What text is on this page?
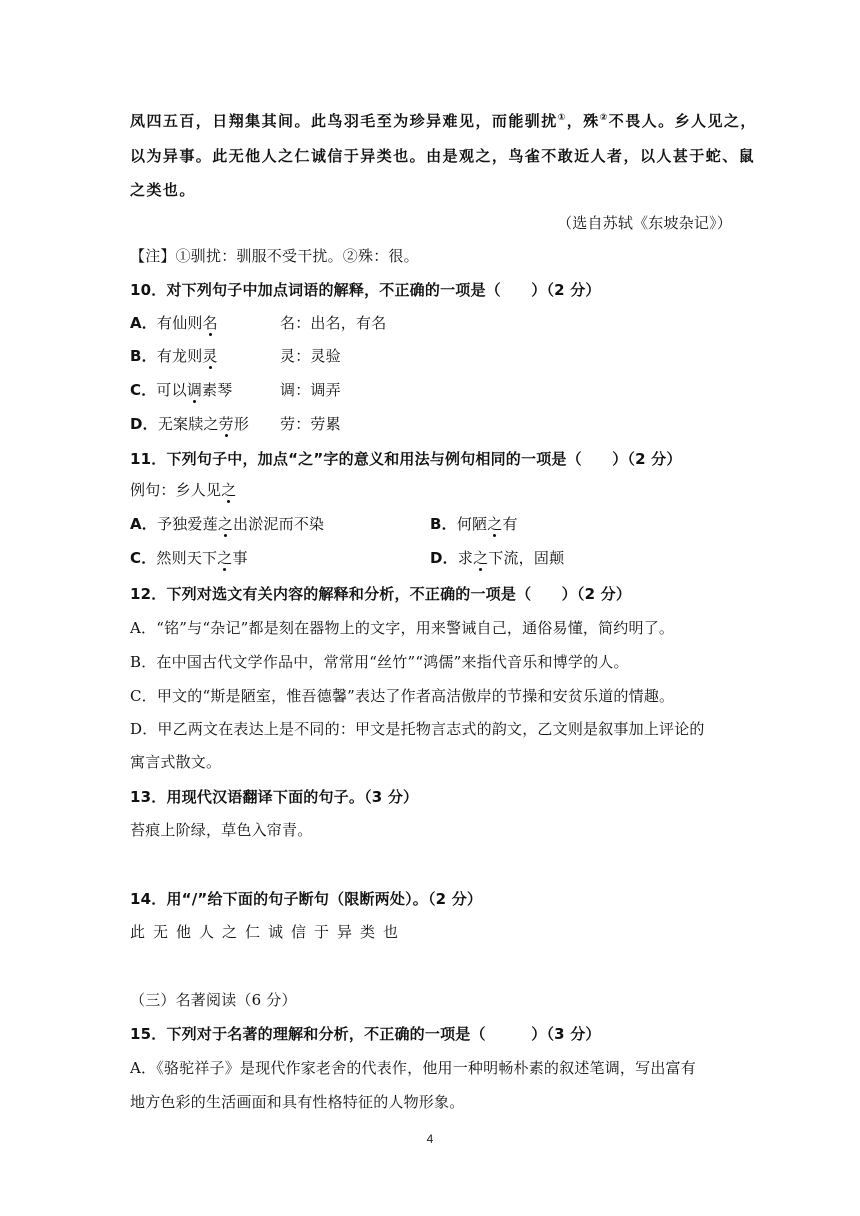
凤四五百，日翔集其间。此鸟羽毛至为珍异难见，而能驯扰①，殊②不畏人。乡人见之，
以为异事。此无他人之仁诚信于异类也。由是观之，鸟雀不敢近人者，以人甚于蛇、鼠
之类也。
（选自苏轼《东坡杂记》）
【注】①驯扰：驯服不受干扰。②殊：很。
10．对下列句子中加点词语的解释，不正确的一项是（　　）（2 分）
A．有仙则名	名：出名，有名
B．有龙则灵	灵：灵验
C．可以调素琴	调：调弄
D．无案牍之劳形 劳：劳累
11．下列句子中，加点“之”字的意义和用法与例句相同的一项是（　　）（2 分）
例句：乡人见之
A．予独爱莲之出淤泥而不染	B．何陋之有
C．然则天下之事	D．求之下流，固颠
12．下列对选文有关内容的解释和分析，不正确的一项是（　　）（2 分）
A．“铭”与“杂记”都是刻在器物上的文字，用来警诫自己，通俗易懂，简约明了。
B．在中国古代文学作品中，常常用“丝竹”“鸿儒”来指代音乐和博学的人。
C．甲文的“斯是陋室，惟吾德馨”表达了作者高洁傲岸的节操和安贫乐道的情趣。
D．甲乙两文在表达上是不同的：甲文是托物言志式的韵文，乙文则是叙事加上评论的
寓言式散文。
13．用现代汉语翻译下面的句子。（3 分）
苔痕上阶绿，草色入帘青。
14．用“/”给下面的句子断句（限断两处）。（2 分）
此无他人之仁诚信于异类也
（三）名著阅读（6 分）
15．下列对于名著的理解和分析，不正确的一项是（　　　）（3 分）
A．《骆驼祥子》是现代作家老舍的代表作，他用一种明畅朴素的叙述笔调，写出富有
地方色彩的生活画面和具有性格特征的人物形象。
4
